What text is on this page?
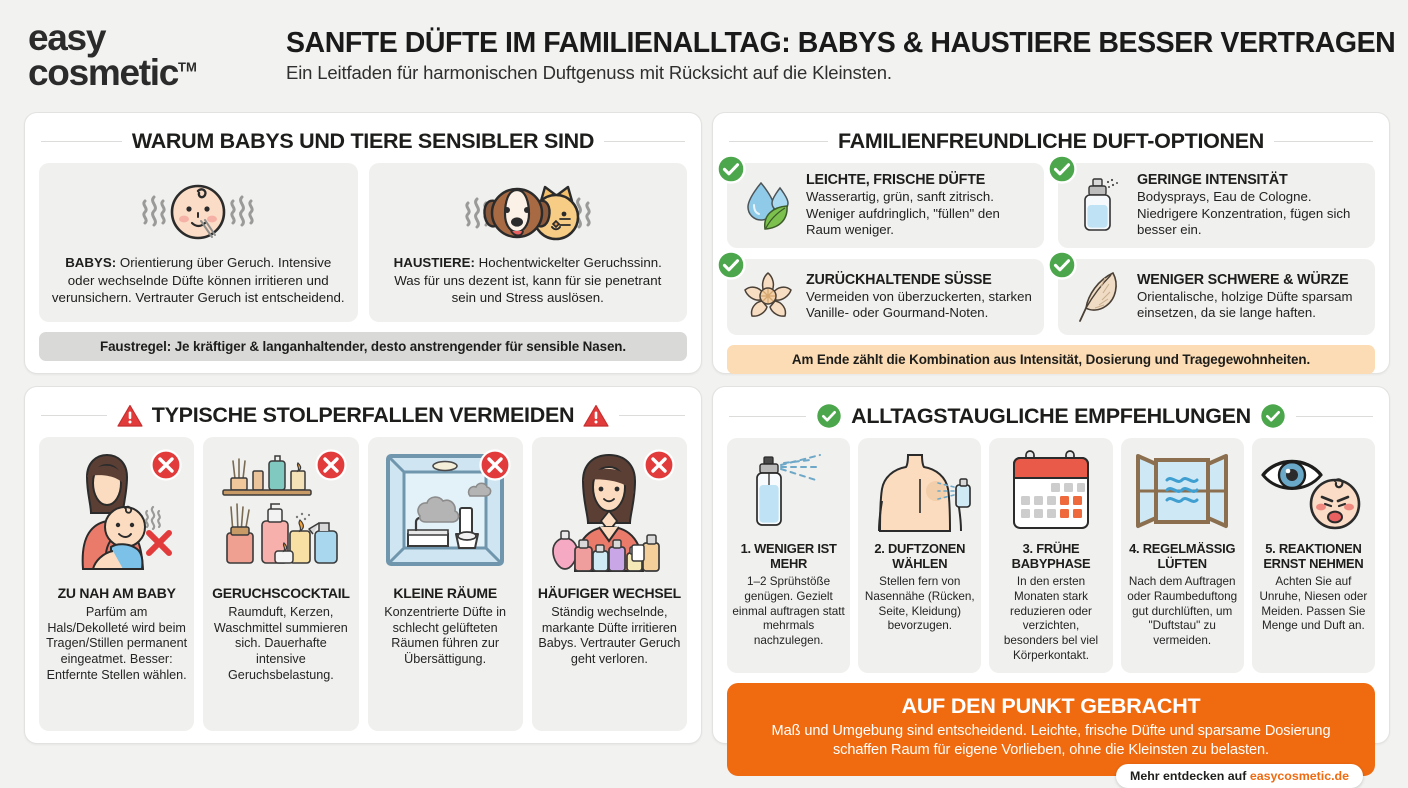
easy
cosmetic™
SANFTE DÜFTE IM FAMILIENALLTAG: BABYS & HAUSTIERE BESSER VERTRAGEN
Ein Leitfaden für harmonischen Duftgenuss mit Rücksicht auf die Kleinsten.
WARUM BABYS UND TIERE SENSIBLER SIND
BABYS: Orientierung über Geruch. Intensive oder wechselnde Düfte können irritieren und verunsichern. Vertrauter Geruch ist entscheidend.
HAUSTIERE: Hochentwickelter Geruchssinn. Was für uns dezent ist, kann für sie penetrant sein und Stress auslösen.
Faustregel: Je kräftiger & langanhaltender, desto anstrengender für sensible Nasen.
FAMILIENFREUNDLICHE DUFT-OPTIONEN
LEICHTE, FRISCHE DÜFTE
Wasserartig, grün, sanft zitrisch. Weniger aufdringlich, "füllen" den Raum weniger.
GERINGE INTENSITÄT
Bodysprays, Eau de Cologne. Niedrigere Konzentration, fügen sich besser ein.
ZURÜCKHALTENDE SÜSSE
Vermeiden von überzuckerten, starken Vanille- oder Gourmand-Noten.
WENIGER SCHWERE & WÜRZE
Orientalische, holzige Düfte sparsam einsetzen, da sie lange haften.
Am Ende zählt die Kombination aus Intensität, Dosierung und Tragegewohnheiten.
TYPISCHE STOLPERFALLEN VERMEIDEN
ZU NAH AM BABY
Parfüm am Hals/Dekolleté wird beim Tragen/Stillen permanent eingeatmet. Besser: Entfernte Stellen wählen.
GERUCHSCOCKTAIL
Raumduft, Kerzen, Waschmittel summieren sich. Dauerhafte intensive Geruchsbelastung.
KLEINE RÄUME
Konzentrierte Düfte in schlecht gelüfteten Räumen führen zur Übersättigung.
HÄUFIGER WECHSEL
Ständig wechselnde, markante Düfte irritieren Babys. Vertrauter Geruch geht verloren.
ALLTAGSTAUGLICHE EMPFEHLUNGEN
1. WENIGER IST MEHR
1–2 Sprühstöße genügen. Gezielt einmal auftragen statt mehrmals nachzulegen.
2. DUFTZONEN WÄHLEN
Stellen fern von Nasennähe (Rücken, Seite, Kleidung) bevorzugen.
3. FRÜHE BABYPHASE
In den ersten Monaten stark reduzieren oder verzichten, besonders bel viel Körperkontakt.
4. REGELMÄSSIG LÜFTEN
Nach dem Auftragen oder Raumbeduftong gut durchlüften, um "Duftstau" zu vermeiden.
5. REAKTIONEN ERNST NEHMEN
Achten Sie auf Unruhe, Niesen oder Meiden. Passen Sie Menge und Duft an.
AUF DEN PUNKT GEBRACHT
Maß und Umgebung sind entscheidend. Leichte, frische Düfte und sparsame Dosierung schaffen Raum für eigene Vorlieben, ohne die Kleinsten zu belasten.
Mehr entdecken auf easycosmetic.de
